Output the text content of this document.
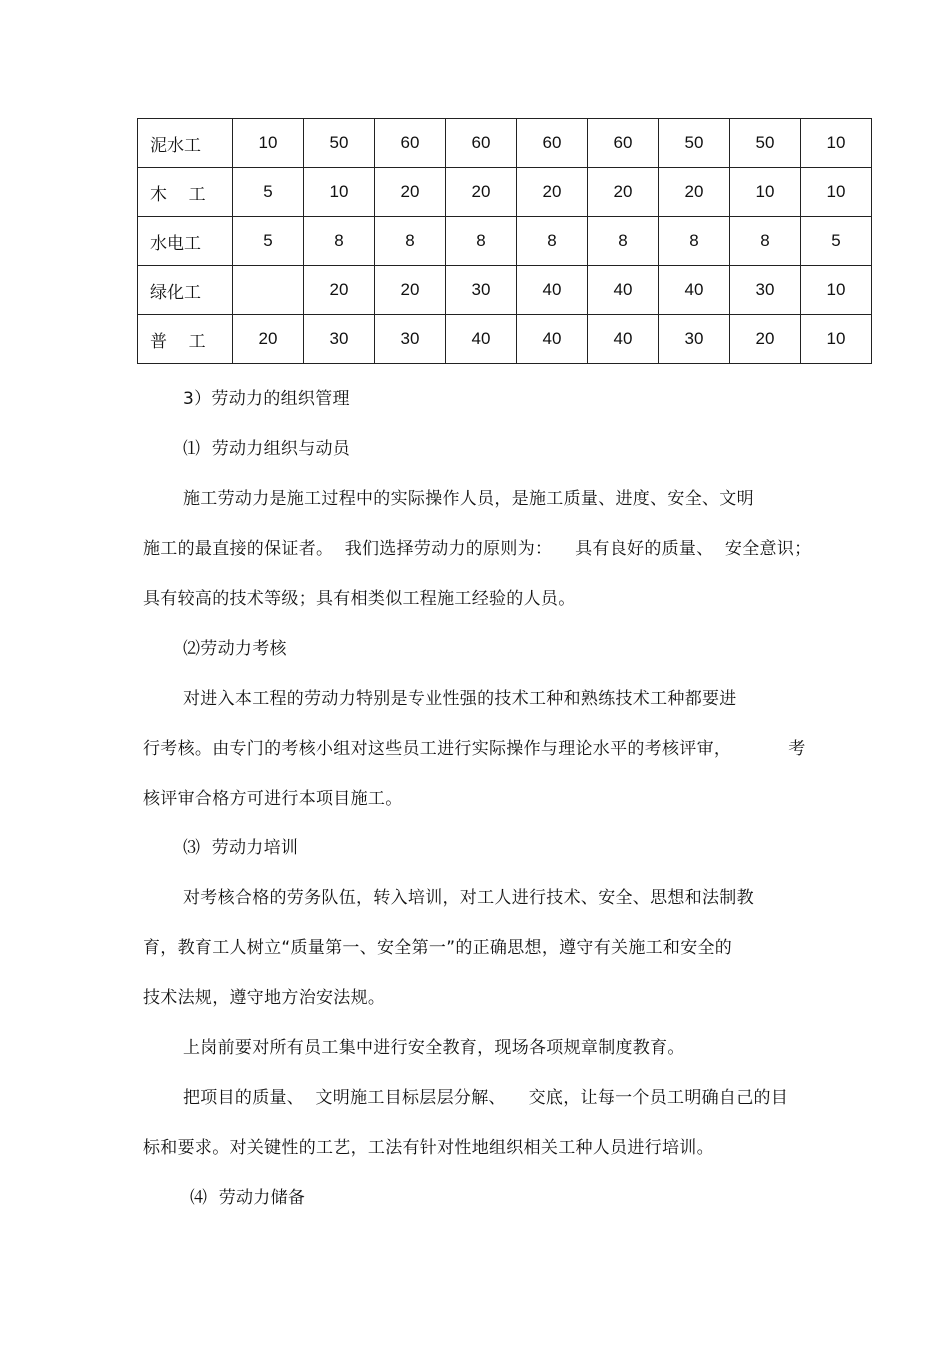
泥水工	10	50	60	60	60	60	50	50	10
木    工	5	10	20	20	20	20	20	10	10
水电工	5	8	8	8	8	8	8	8	5
绿化工		20	20	30	40	40	40	30	10
普    工	20	30	30	40	40	40	30	20	10
3）劳动力的组织管理
⑴  劳动力组织与动员
施工劳动力是施工过程中的实际操作人员，是施工质量、进度、安全、文明
施工的最直接的保证者。  我们选择劳动力的原则为：    具有良好的质量、  安全意识；
具有较高的技术等级；具有相类似工程施工经验的人员。
⑵劳动力考核
对进入本工程的劳动力特别是专业性强的技术工种和熟练技术工种都要进
行考核。由专门的考核小组对这些员工进行实际操作与理论水平的考核评审，          考
核评审合格方可进行本项目施工。
⑶  劳动力培训
对考核合格的劳务队伍，转入培训，对工人进行技术、安全、思想和法制教
育，教育工人树立“质量第一、安全第一”的正确思想，遵守有关施工和安全的
技术法规，遵守地方治安法规。
上岗前要对所有员工集中进行安全教育，现场各项规章制度教育。
把项目的质量、  文明施工目标层层分解、    交底，让每一个员工明确自己的目
标和要求。对关键性的工艺，工法有针对性地组织相关工种人员进行培训。
⑷  劳动力储备
